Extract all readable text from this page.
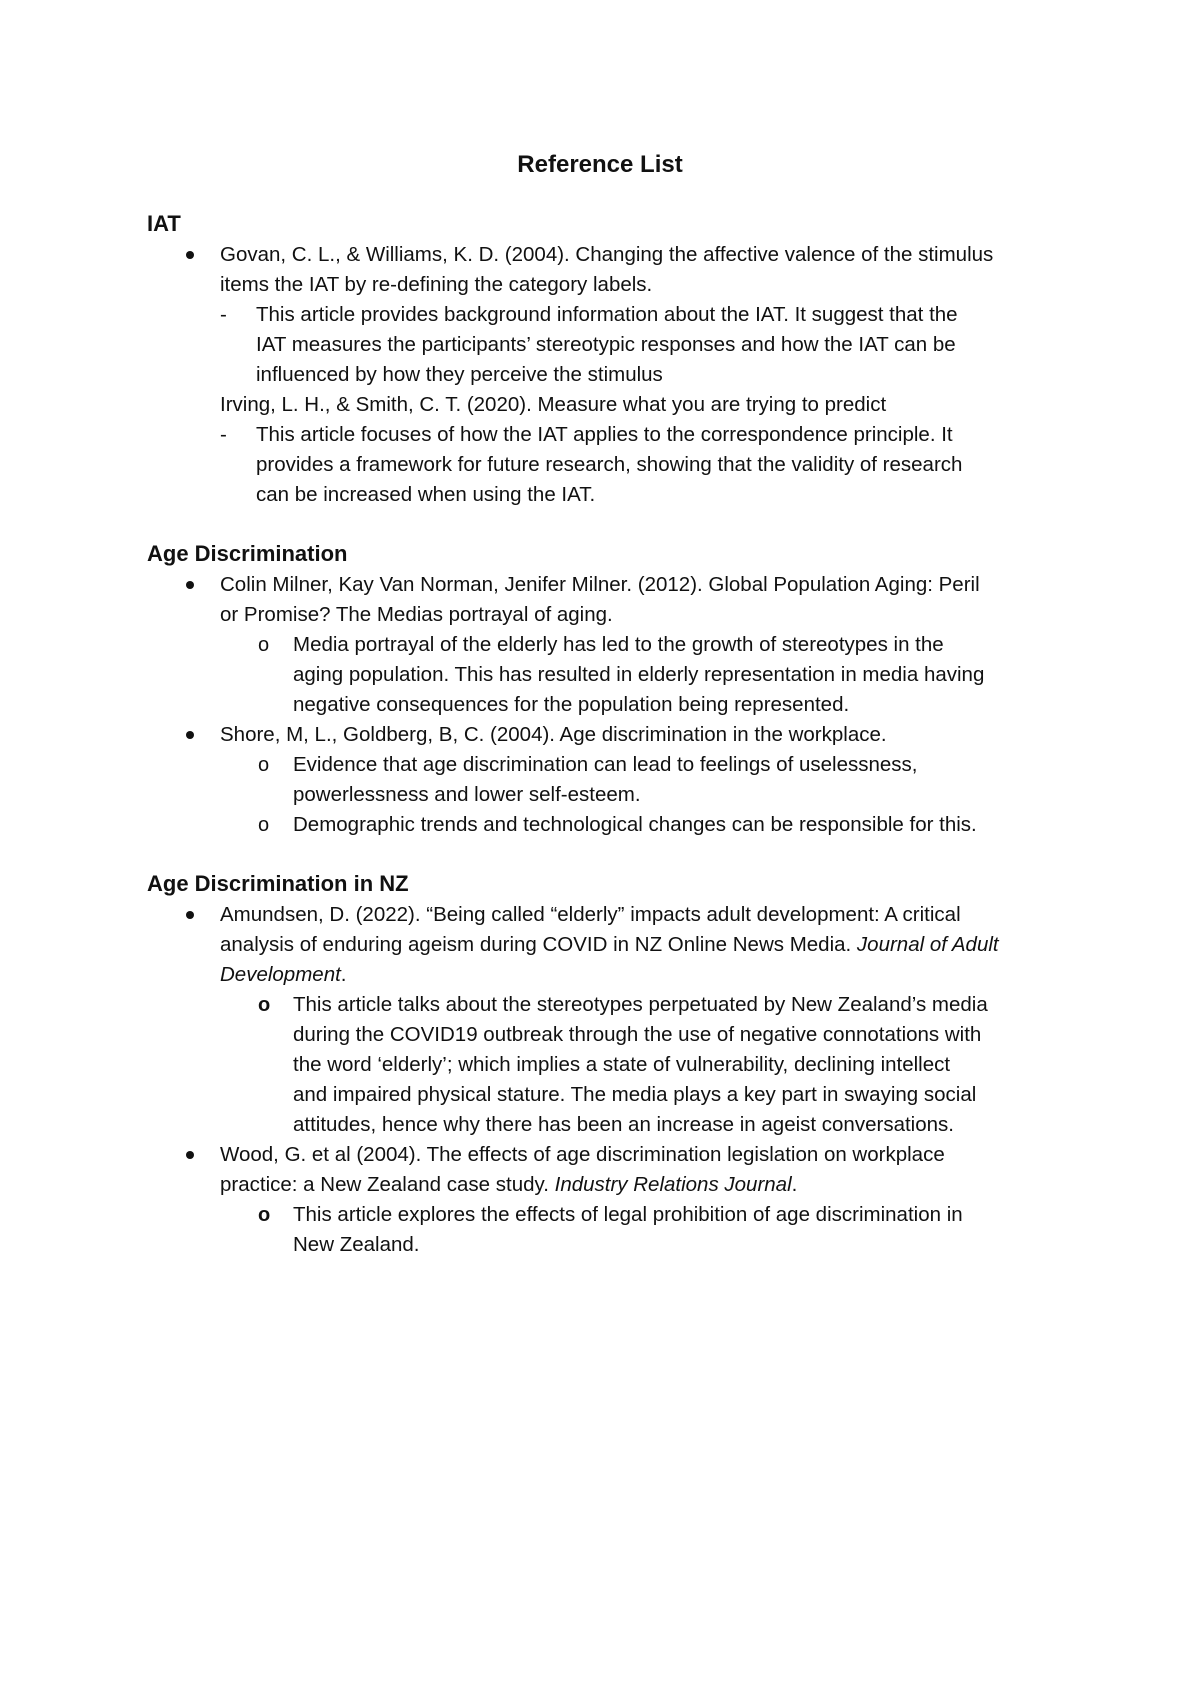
Reference List
IAT
Govan, C. L., & Williams, K. D. (2004). Changing the affective valence of the stimulus
items the IAT by re-defining the category labels.
- This article provides background information about the IAT. It suggest that the
IAT measures the participants’ stereotypic responses and how the IAT can be
influenced by how they perceive the stimulus
Irving, L. H., & Smith, C. T. (2020). Measure what you are trying to predict
- This article focuses of how the IAT applies to the correspondence principle. It
provides a framework for future research, showing that the validity of research
can be increased when using the IAT.
Age Discrimination
Colin Milner, Kay Van Norman, Jenifer Milner. (2012). Global Population Aging: Peril
or Promise? The Medias portrayal of aging.
o Media portrayal of the elderly has led to the growth of stereotypes in the
aging population. This has resulted in elderly representation in media having
negative consequences for the population being represented.
Shore, M, L., Goldberg, B, C. (2004). Age discrimination in the workplace.
o Evidence that age discrimination can lead to feelings of uselessness,
powerlessness and lower self-esteem.
o Demographic trends and technological changes can be responsible for this.
Age Discrimination in NZ
Amundsen, D. (2022). “Being called “elderly” impacts adult development: A critical
analysis of enduring ageism during COVID in NZ Online News Media. Journal of Adult
Development.
o This article talks about the stereotypes perpetuated by New Zealand’s media
during the COVID19 outbreak through the use of negative connotations with
the word ‘elderly’; which implies a state of vulnerability, declining intellect
and impaired physical stature. The media plays a key part in swaying social
attitudes, hence why there has been an increase in ageist conversations.
Wood, G. et al (2004). The effects of age discrimination legislation on workplace
practice: a New Zealand case study. Industry Relations Journal.
o This article explores the effects of legal prohibition of age discrimination in
New Zealand.
